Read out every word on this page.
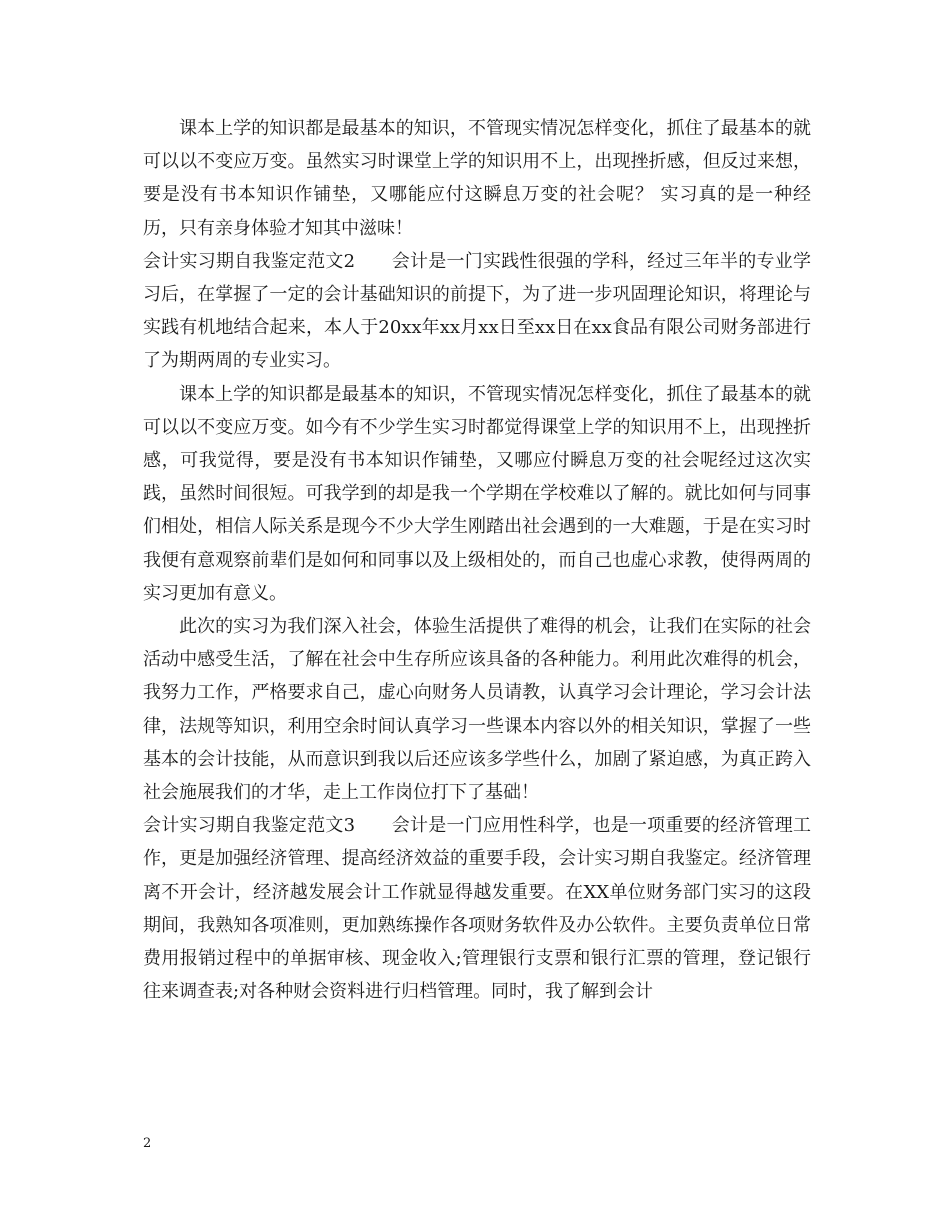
课本上学的知识都是最基本的知识，不管现实情况怎样变化，抓住了最基本的就可以以不变应万变。虽然实习时课堂上学的知识用不上，出现挫折感，但反过来想，要是没有书本知识作铺垫，又哪能应付这瞬息万变的社会呢？ 实习真的是一种经历，只有亲身体验才知其中滋味！

会计实习期自我鉴定范文2　　会计是一门实践性很强的学科，经过三年半的专业学习后，在掌握了一定的会计基础知识的前提下，为了进一步巩固理论知识，将理论与实践有机地结合起来，本人于20xx年xx月xx日至xx日在xx食品有限公司财务部进行了为期两周的专业实习。

课本上学的知识都是最基本的知识，不管现实情况怎样变化，抓住了最基本的就可以以不变应万变。如今有不少学生实习时都觉得课堂上学的知识用不上，出现挫折感，可我觉得，要是没有书本知识作铺垫，又哪应付瞬息万变的社会呢经过这次实践，虽然时间很短。可我学到的却是我一个学期在学校难以了解的。就比如何与同事们相处，相信人际关系是现今不少大学生刚踏出社会遇到的一大难题，于是在实习时我便有意观察前辈们是如何和同事以及上级相处的，而自己也虚心求教，使得两周的实习更加有意义。

此次的实习为我们深入社会，体验生活提供了难得的机会，让我们在实际的社会活动中感受生活，了解在社会中生存所应该具备的各种能力。利用此次难得的机会，我努力工作，严格要求自己，虚心向财务人员请教，认真学习会计理论，学习会计法律，法规等知识，利用空余时间认真学习一些课本内容以外的相关知识，掌握了一些基本的会计技能，从而意识到我以后还应该多学些什么，加剧了紧迫感，为真正跨入社会施展我们的才华，走上工作岗位打下了基础！

会计实习期自我鉴定范文3　　会计是一门应用性科学，也是一项重要的经济管理工作，更是加强经济管理、提高经济效益的重要手段，会计实习期自我鉴定。经济管理离不开会计，经济越发展会计工作就显得越发重要。在XX单位财务部门实习的这段期间，我熟知各项准则，更加熟练操作各项财务软件及办公软件。主要负责单位日常费用报销过程中的单据审核、现金收入;管理银行支票和银行汇票的管理，登记银行往来调查表;对各种财会资料进行归档管理。同时，我了解到会计

2
